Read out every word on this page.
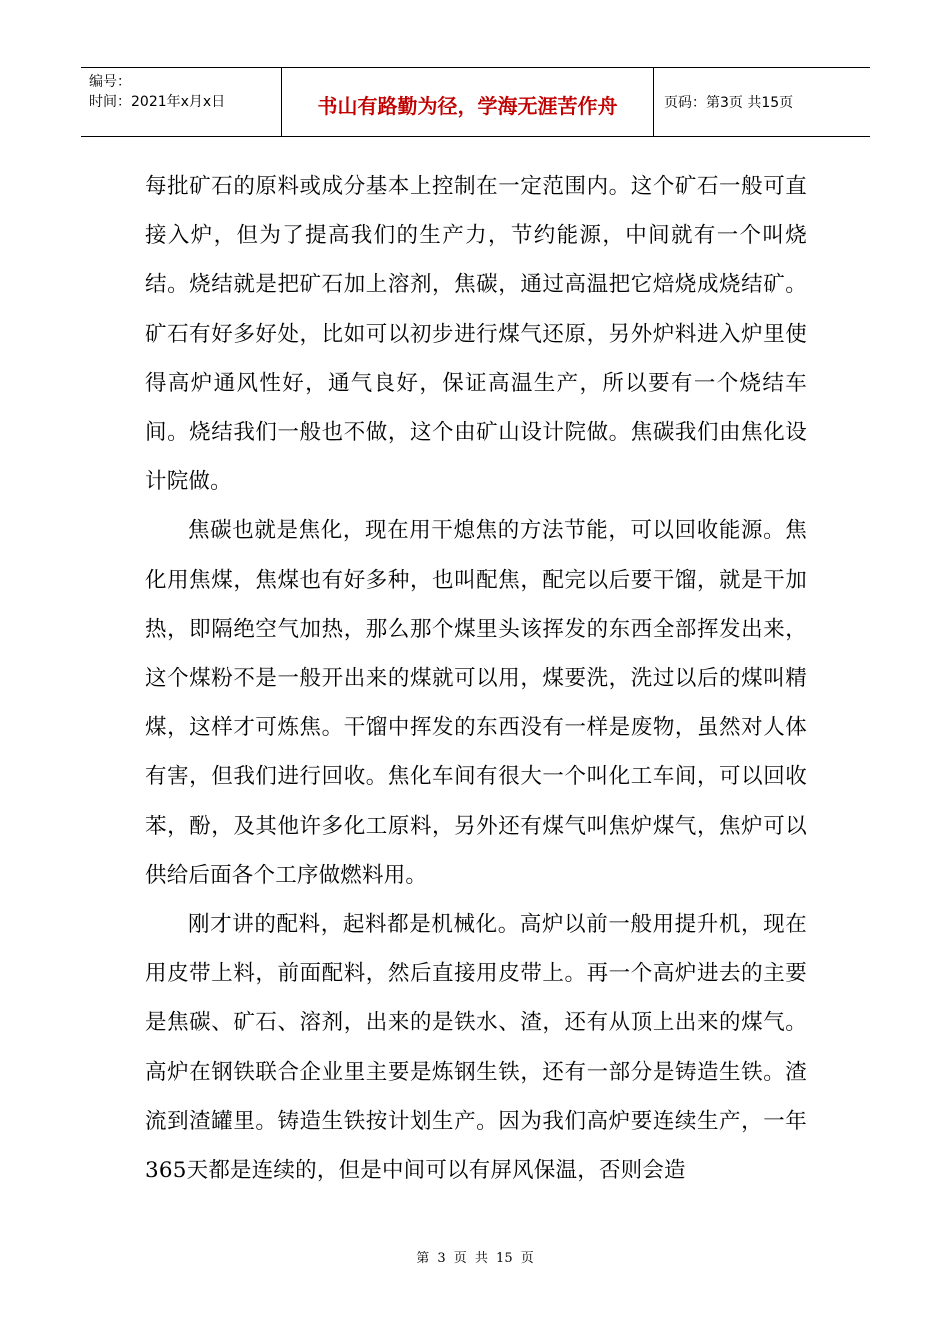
编号：
时间：2021年x月x日	书山有路勤为径，学海无涯苦作舟	页码：第3页 共15页

每批矿石的原料或成分基本上控制在一定范围内。这个矿石一般可直接入炉，但为了提高我们的生产力，节约能源，中间就有一个叫烧结。烧结就是把矿石加上溶剂，焦碳，通过高温把它焙烧成烧结矿。矿石有好多好处，比如可以初步进行煤气还原，另外炉料进入炉里使得高炉通风性好，通气良好，保证高温生产，所以要有一个烧结车间。烧结我们一般也不做，这个由矿山设计院做。焦碳我们由焦化设计院做。

焦碳也就是焦化，现在用干熄焦的方法节能，可以回收能源。焦化用焦煤，焦煤也有好多种，也叫配焦，配完以后要干馏，就是干加热，即隔绝空气加热，那么那个煤里头该挥发的东西全部挥发出来，这个煤粉不是一般开出来的煤就可以用，煤要洗，洗过以后的煤叫精煤，这样才可炼焦。干馏中挥发的东西没有一样是废物，虽然对人体有害，但我们进行回收。焦化车间有很大一个叫化工车间，可以回收苯，酚，及其他许多化工原料，另外还有煤气叫焦炉煤气，焦炉可以供给后面各个工序做燃料用。

刚才讲的配料，起料都是机械化。高炉以前一般用提升机，现在用皮带上料，前面配料，然后直接用皮带上。再一个高炉进去的主要是焦碳、矿石、溶剂，出来的是铁水、渣，还有从顶上出来的煤气。高炉在钢铁联合企业里主要是炼钢生铁，还有一部分是铸造生铁。渣流到渣罐里。铸造生铁按计划生产。因为我们高炉要连续生产，一年365天都是连续的，但是中间可以有屏风保温，否则会造

第 3 页 共 15 页
